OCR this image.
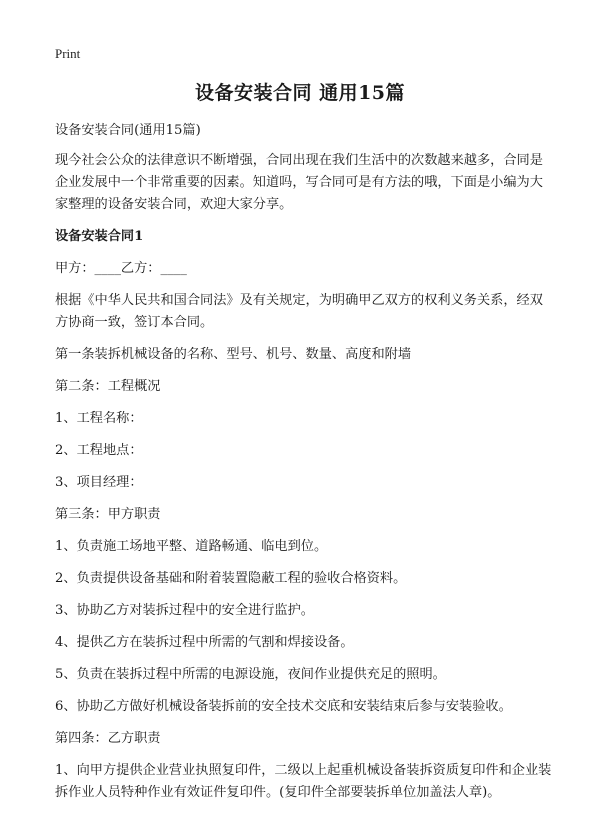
Print
设备安装合同 通用15篇

设备安装合同(通用15篇)

现今社会公众的法律意识不断增强，合同出现在我们生活中的次数越来越多，合同是企业发展中一个非常重要的因素。知道吗，写合同可是有方法的哦，下面是小编为大家整理的设备安装合同，欢迎大家分享。

设备安装合同1

甲方：____乙方：____

根据《中华人民共和国合同法》及有关规定，为明确甲乙双方的权利义务关系，经双方协商一致，签订本合同。

第一条装拆机械设备的名称、型号、机号、数量、高度和附墙

第二条：工程概况

1、工程名称：

2、工程地点：

3、项目经理：

第三条：甲方职责

1、负责施工场地平整、道路畅通、临电到位。

2、负责提供设备基础和附着装置隐蔽工程的验收合格资料。

3、协助乙方对装拆过程中的安全进行监护。

4、提供乙方在装拆过程中所需的气割和焊接设备。

5、负责在装拆过程中所需的电源设施，夜间作业提供充足的照明。

6、协助乙方做好机械设备装拆前的安全技术交底和安装结束后参与安装验收。

第四条：乙方职责

1、向甲方提供企业营业执照复印件，二级以上起重机械设备装拆资质复印件和企业装拆作业人员特种作业有效证件复印件。(复印件全部要装拆单位加盖法人章)。
